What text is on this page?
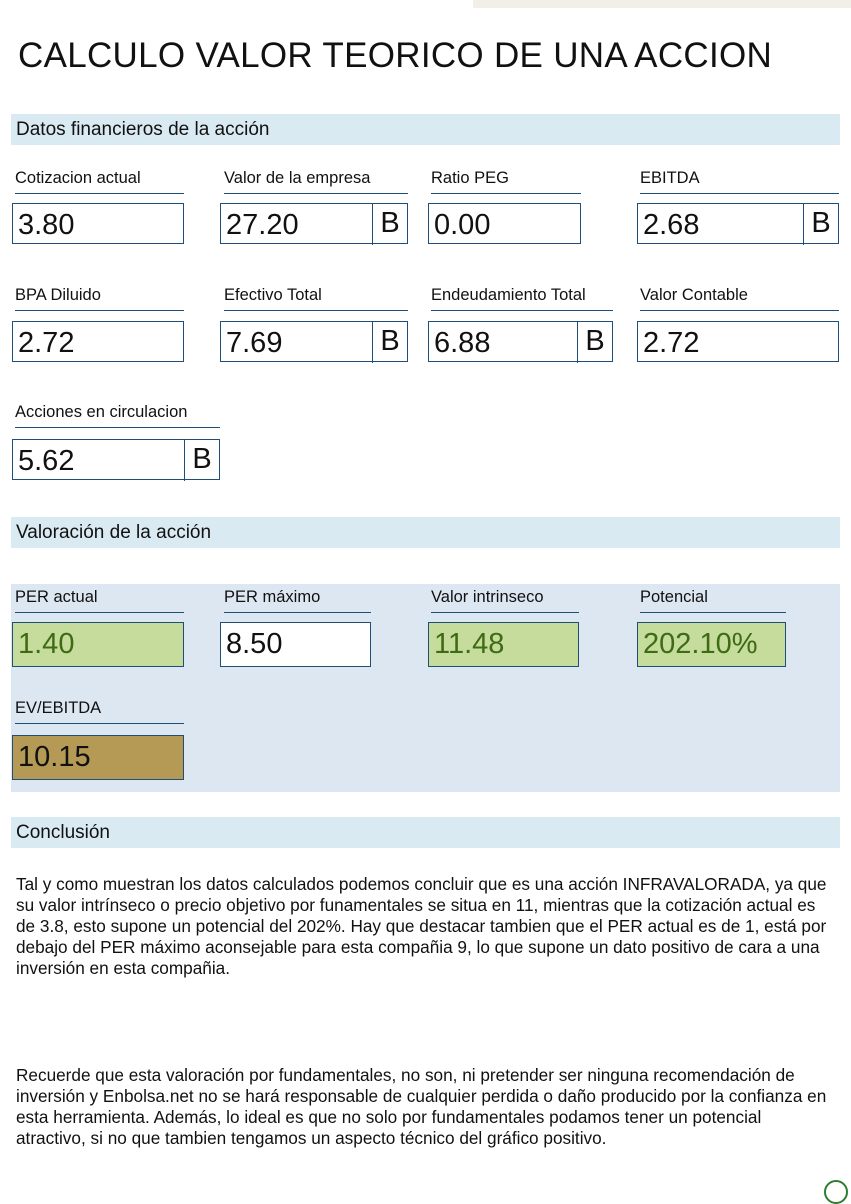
CALCULO VALOR TEORICO DE UNA ACCION
Datos financieros de la acción
Cotizacion actual
3.80
Valor de la empresa
27.20	B
Ratio PEG
0.00
EBITDA
2.68	B
BPA Diluido
2.72
Efectivo Total
7.69	B
Endeudamiento Total
6.88	B
Valor Contable
2.72
Acciones en circulacion
5.62	B
Valoración de la acción
PER actual
1.40
PER máximo
8.50
Valor intrinseco
11.48
Potencial
202.10%
EV/EBITDA
10.15
Conclusión
Tal y como muestran los datos calculados podemos concluir que es una acción INFRAVALORADA, ya que su valor intrínseco o precio objetivo por funamentales se situa en 11, mientras que la cotización actual es de 3.8, esto supone un potencial del 202%. Hay que destacar tambien que el PER actual es de 1, está por debajo del PER máximo aconsejable para esta compañia 9, lo que supone un dato positivo de cara a una inversión en esta compañia.
Recuerde que esta valoración por fundamentales, no son, ni pretender ser ninguna recomendación de inversión y Enbolsa.net no se hará responsable de cualquier perdida o daño producido por la confianza en esta herramienta. Además, lo ideal es que no solo por fundamentales podamos tener un potencial atractivo, si no que tambien tengamos un aspecto técnico del gráfico positivo.
